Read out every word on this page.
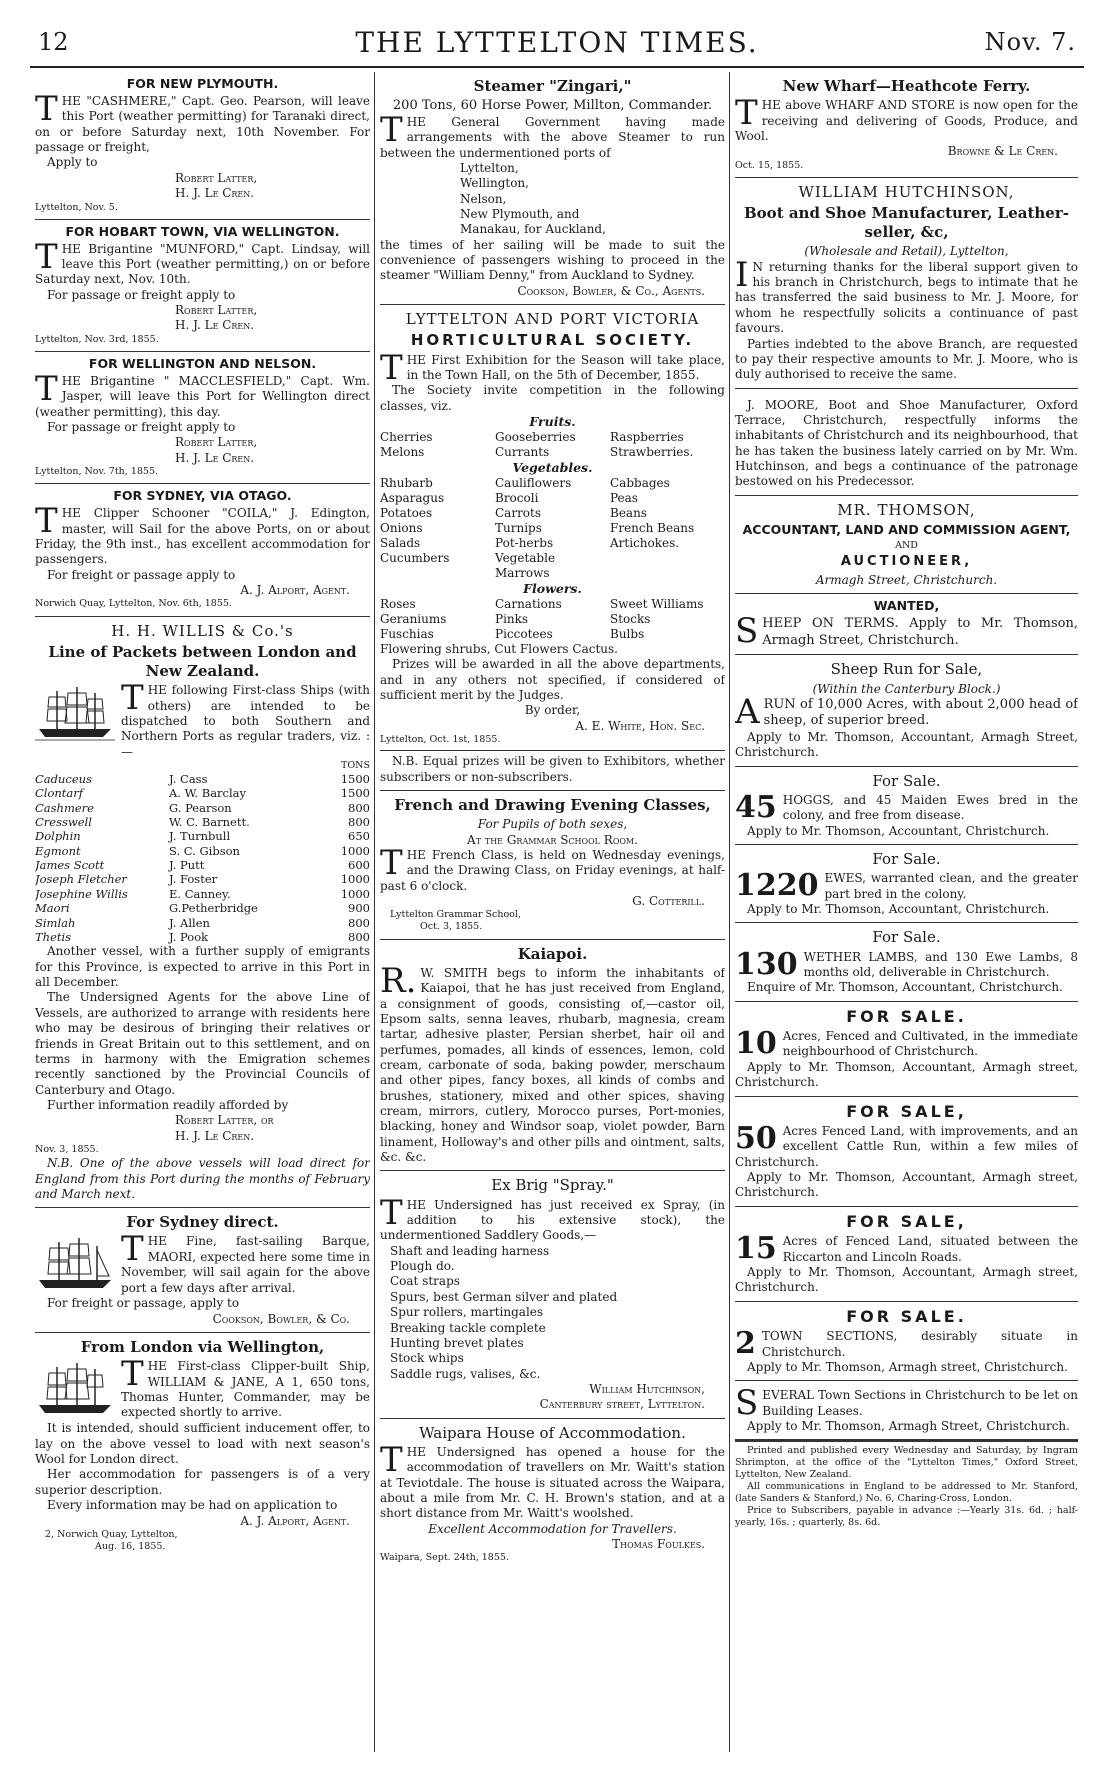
12	THE LYTTELTON TIMES.	Nov. 7.
FOR NEW PLYMOUTH.

THE "CASHMERE," Capt. Geo. Pearson, will leave this Port (weather permitting) for Taranaki direct, on or before Saturday next, 10th November. For passage or freight,

Apply to

Robert Latter,
H. J. Le Cren.
Lyttelton, Nov. 5.
FOR HOBART TOWN, VIA WELLINGTON.

THE Brigantine "MUNFORD," Capt. Lindsay, will leave this Port (weather permitting,) on or before Saturday next, Nov. 10th.

For passage or freight apply to

Robert Latter,
H. J. Le Cren.
Lyttelton, Nov. 3rd, 1855.
FOR WELLINGTON AND NELSON.

THE Brigantine " MACCLESFIELD," Capt. Wm. Jasper, will leave this Port for Wellington direct (weather permitting), this day.

For passage or freight apply to

Robert Latter,
H. J. Le Cren.
Lyttelton, Nov. 7th, 1855.
FOR SYDNEY, VIA OTAGO.

THE Clipper Schooner "COILA," J. Edington, master, will Sail for the above Ports, on or about Friday, the 9th inst., has excellent accommodation for passengers.

For freight or passage apply to

A. J. Alport, Agent.
Norwich Quay, Lyttelton, Nov. 6th, 1855.
H. H. WILLIS & Co.'s
Line of Packets between London and New Zealand.

THE following First-class Ships (with others) are intended to be dispatched to both Southern and Northern Ports as regular traders, viz. :—

		TONS
Caduceus	J. Cass	1500
Clontarf	A. W. Barclay	1500
Cashmere	G. Pearson	800
Cresswell	W. C. Barnett.	800
Dolphin	J. Turnbull	650
Egmont	S. C. Gibson	1000
James Scott	J. Putt	600
Joseph Fletcher	J. Foster	1000
Josephine Willis	E. Canney.	1000
Maori	G.Petherbridge	900
Simlah	J. Allen	800
Thetis	J. Pook	800

Another vessel, with a further supply of emigrants for this Province, is expected to arrive in this Port in all December.

The Undersigned Agents for the above Line of Vessels, are authorized to arrange with residents here who may be desirous of bringing their relatives or friends in Great Britain out to this settlement, and on terms in harmony with the Emigration schemes recently sanctioned by the Provincial Councils of Canterbury and Otago.

Further information readily afforded by

Robert Latter, or
H. J. Le Cren.
Nov. 3, 1855.

N.B. One of the above vessels will load direct for England from this Port during the months of February and March next.

For Sydney direct.

THE Fine, fast-sailing Barque, MAORI, expected here some time in November, will sail again for the above port a few days after arrival.

For freight or passage, apply to

Cookson, Bowler, & Co.
From London via Wellington,

THE First-class Clipper-built Ship, WILLIAM & JANE, A 1, 650 tons, Thomas Hunter, Commander, may be expected shortly to arrive.

It is intended, should sufficient inducement offer, to lay on the above vessel to load with next season's Wool for London direct.

Her accommodation for passengers is of a very superior description.

Every information may be had on application to

A. J. Alport, Agent.
2, Norwich Quay, Lyttelton,
Aug. 16, 1855.
Steamer "Zingari,"
200 Tons, 60 Horse Power, Millton, Commander.

THE General Government having made arrangements with the above Steamer to run between the undermentioned ports of

Lyttelton,
Wellington,
Nelson,
New Plymouth, and
Manakau, for Auckland,

the times of her sailing will be made to suit the convenience of passengers wishing to proceed in the steamer "William Denny," from Auckland to Sydney.

Cookson, Bowler, & Co., Agents.
LYTTELTON AND PORT VICTORIA
HORTICULTURAL SOCIETY.

THE First Exhibition for the Season will take place, in the Town Hall, on the 5th of December, 1855.

The Society invite competition in the following classes, viz.

Fruits.
Cherries	Gooseberries	Raspberries
Melons	Currants	Strawberries.
Vegetables.
Rhubarb	Cauliflowers	Cabbages
Asparagus	Brocoli	Peas
Potatoes	Carrots	Beans
Onions	Turnips	French Beans
Salads	Pot-herbs	Artichokes.
Cucumbers	Vegetable Marrows	
Flowers.
Roses	Carnations	Sweet Williams
Geraniums	Pinks	Stocks
Fuschias	Piccotees	Bulbs
Flowering shrubs, Cut Flowers Cactus.

Prizes will be awarded in all the above departments, and in any others not specified, if considered of sufficient merit by the Judges.

By order,
A. E. White, Hon. Sec.
Lyttelton, Oct. 1st, 1855.

N.B. Equal prizes will be given to Exhibitors, whether subscribers or non-subscribers.

French and Drawing Evening Classes,
For Pupils of both sexes,
At the Grammar School Room.

THE French Class, is held on Wednesday evenings, and the Drawing Class, on Friday evenings, at half-past 6 o'clock.

G. Cotterill.
Lyttelton Grammar School,
Oct. 3, 1855.
Kaiapoi.

R. W. SMITH begs to inform the inhabitants of Kaiapoi, that he has just received from England, a consignment of goods, consisting of,—castor oil, Epsom salts, senna leaves, rhubarb, magnesia, cream tartar, adhesive plaster, Persian sherbet, hair oil and perfumes, pomades, all kinds of essences, lemon, cold cream, carbonate of soda, baking powder, merschaum and other pipes, fancy boxes, all kinds of combs and brushes, stationery, mixed and other spices, shaving cream, mirrors, cutlery, Morocco purses, Port-monies, blacking, honey and Windsor soap, violet powder, Barn linament, Holloway's and other pills and ointment, salts, &c. &c.

Ex Brig "Spray."

THE Undersigned has just received ex Spray, (in addition to his extensive stock), the undermentioned Saddlery Goods,—

Shaft and leading harness
Plough do.
Coat straps
Spurs, best German silver and plated
Spur rollers, martingales
Breaking tackle complete
Hunting brevet plates
Stock whips
Saddle rugs, valises, &c.
William Hutchinson,
Canterbury street, Lyttelton.
Waipara House of Accommodation.

THE Undersigned has opened a house for the accommodation of travellers on Mr. Waitt's station at Teviotdale. The house is situated across the Waipara, about a mile from Mr. C. H. Brown's station, and at a short distance from Mr. Waitt's woolshed.

Excellent Accommodation for Travellers.
Thomas Foulkes.
Waipara, Sept. 24th, 1855.
New Wharf—Heathcote Ferry.

THE above WHARF AND STORE is now open for the receiving and delivering of Goods, Produce, and Wool.

Browne & Le Cren.
Oct. 15, 1855.
WILLIAM HUTCHINSON,
Boot and Shoe Manufacturer, Leather-seller, &c,
(Wholesale and Retail), Lyttelton,

I N returning thanks for the liberal support given to his branch in Christchurch, begs to intimate that he has transferred the said business to Mr. J. Moore, for whom he respectfully solicits a continuance of past favours.

Parties indebted to the above Branch, are requested to pay their respective amounts to Mr. J. Moore, who is duly authorised to receive the same.

J. MOORE, Boot and Shoe Manufacturer, Oxford Terrace, Christchurch, respectfully informs the inhabitants of Christchurch and its neighbourhood, that he has taken the business lately carried on by Mr. Wm. Hutchinson, and begs a continuance of the patronage bestowed on his Predecessor.

MR. THOMSON,
ACCOUNTANT, LAND AND COMMISSION AGENT,
AND
AUCTIONEER,
Armagh Street, Christchurch.
WANTED,

SHEEP ON TERMS. Apply to Mr. Thomson, Armagh Street, Christchurch.

Sheep Run for Sale,
(Within the Canterbury Block.)

ARUN of 10,000 Acres, with about 2,000 head of sheep, of superior breed.

Apply to Mr. Thomson, Accountant, Armagh Street, Christchurch.

For Sale.

45 HOGGS, and 45 Maiden Ewes bred in the colony, and free from disease.

Apply to Mr. Thomson, Accountant, Christchurch.

For Sale.

1220 EWES, warranted clean, and the greater part bred in the colony.

Apply to Mr. Thomson, Accountant, Christchurch.

For Sale.

130 WETHER LAMBS, and 130 Ewe Lambs, 8 months old, deliverable in Christchurch.

Enquire of Mr. Thomson, Accountant, Christchurch.

FOR SALE.

10 Acres, Fenced and Cultivated, in the immediate neighbourhood of Christchurch.

Apply to Mr. Thomson, Accountant, Armagh street, Christchurch.

FOR SALE,

50 Acres Fenced Land, with improvements, and an excellent Cattle Run, within a few miles of Christchurch.

Apply to Mr. Thomson, Accountant, Armagh street, Christchurch.

FOR SALE,

15 Acres of Fenced Land, situated between the Riccarton and Lincoln Roads.

Apply to Mr. Thomson, Accountant, Armagh street, Christchurch.

FOR SALE.

2 TOWN SECTIONS, desirably situate in Christchurch.

Apply to Mr. Thomson, Armagh street, Christchurch.

SEVERAL Town Sections in Christchurch to be let on Building Leases.

Apply to Mr. Thomson, Armagh Street, Christchurch.

Printed and published every Wednesday and Saturday, by Ingram Shrimpton, at the office of the "Lyttelton Times," Oxford Street, Lyttelton, New Zealand.

All communications in England to be addressed to Mr. Stanford, (late Sanders & Stanford,) No. 6, Charing-Cross, London.

Price to Subscribers, payable in advance :—Yearly 31s. 6d. ; half-yearly, 16s. ; quarterly, 8s. 6d.
